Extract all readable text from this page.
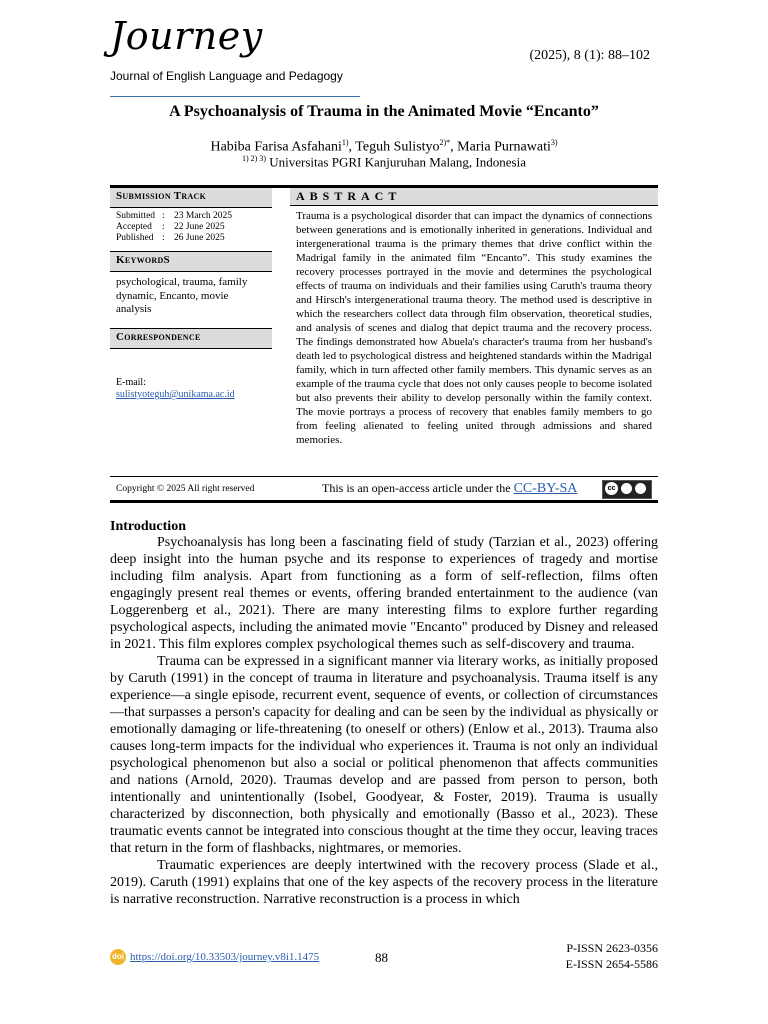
Journey
Journal of English Language and Pedagogy
(2025), 8 (1): 88–102
A Psychoanalysis of Trauma in the Animated Movie “Encanto”
Habiba Farisa Asfahani$^{1)}$, Teguh Sulistyo$^{2)*}$, Maria Purnawati$^{3)}$
$^{1) 2) 3)}$ Universitas PGRI Kanjuruhan Malang, Indonesia
Submission Track
Submitted : 23 March 2025
Accepted	: 22 June 2025
Published : 26 June 2025
KeywordS
psychological, trauma, family dynamic, Encanto, movie analysis
Correspondence
E-mail:
sulistyoteguh@unikama.ac.id
ABSTRACT
Trauma is a psychological disorder that can impact the dynamics of connections between generations and is emotionally inherited in generations. Individual and intergenerational trauma is the primary themes that drive conflict within the Madrigal family in the animated film “Encanto”. This study examines the recovery processes portrayed in the movie and determines the psychological effects of trauma on individuals and their families using Caruth's trauma theory and Hirsch's intergenerational trauma theory. The method used is descriptive in which the researchers collect data through film observation, theoretical studies, and analysis of scenes and dialog that depict trauma and the recovery process. The findings demonstrated how Abuela's character's trauma from her husband's death led to psychological distress and heightened standards within the Madrigal family, which in turn affected other family members. This dynamic serves as an example of the trauma cycle that does not only causes people to become isolated but also prevents their ability to develop personally within the family context. The movie portrays a process of recovery that enables family members to go from feeling alienated to feeling united through admissions and shared memories.
Copyright © 2025 All right reserved	This is an open-access article under the CC-BY-SA	cc
Introduction

Psychoanalysis has long been a fascinating field of study (Tarzian et al., 2023) offering deep insight into the human psyche and its response to experiences of tragedy and mortise including film analysis. Apart from functioning as a form of self-reflection, films often engagingly present real themes or events, offering branded entertainment to the audience (van Loggerenberg et al., 2021). There are many interesting films to explore further regarding psychological aspects, including the animated movie "Encanto" produced by Disney and released in 2021. This film explores complex psychological themes such as self-discovery and trauma.

Trauma can be expressed in a significant manner via literary works, as initially proposed by Caruth (1991) in the concept of trauma in literature and psychoanalysis. Trauma itself is any experience—a single episode, recurrent event, sequence of events, or collection of circumstances—that surpasses a person's capacity for dealing and can be seen by the individual as physically or emotionally damaging or life-threatening (to oneself or others) (Enlow et al., 2013). Trauma also causes long-term impacts for the individual who experiences it. Trauma is not only an individual psychological phenomenon but also a social or political phenomenon that affects communities and nations (Arnold, 2020). Traumas develop and are passed from person to person, both intentionally and unintentionally (Isobel, Goodyear, & Foster, 2019). Trauma is usually characterized by disconnection, both physically and emotionally (Basso et al., 2023). These traumatic events cannot be integrated into conscious thought at the time they occur, leaving traces that return in the form of flashbacks, nightmares, or memories.

Traumatic experiences are deeply intertwined with the recovery process (Slade et al., 2019). Caruth (1991) explains that one of the key aspects of the recovery process in the literature is narrative reconstruction. Narrative reconstruction is a process in which

doi https://doi.org/10.33503/journey.v8i1.1475	88
P-ISSN 2623-0356
E-ISSN 2654-5586
